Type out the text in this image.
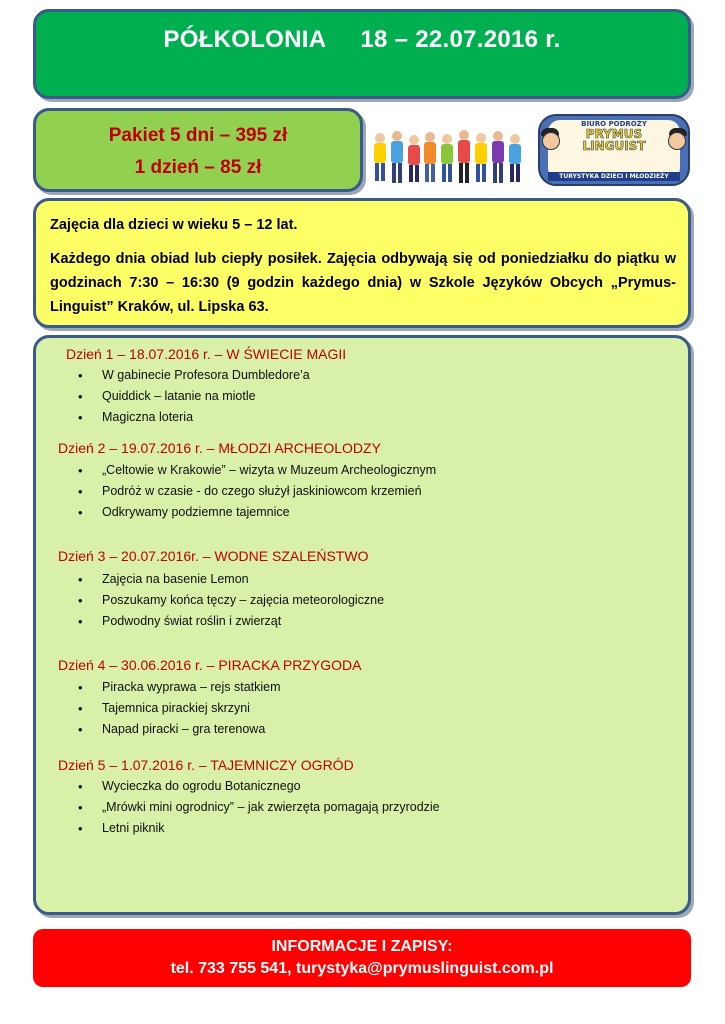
PÓŁKOLONIA     18 – 22.07.2016 r.
Pakiet 5 dni – 395 zł
1 dzień – 85 zł
BIURO PODRÓŻY
PRYMUS
LINGUIST
TURYSTYKA DZIECI I MŁODZIEŻY

Zajęcia dla dzieci w wieku 5 – 12 lat.

Każdego dnia obiad lub ciepły posiłek. Zajęcia odbywają się od poniedziałku do piątku w godzinach 7:30 – 16:30 (9 godzin każdego dnia) w Szkole Języków Obcych „Prymus-Linguist” Kraków, ul. Lipska 63.

Dzień 1 – 18.07.2016 r. – W ŚWIECIE MAGII
• W gabinecie Profesora Dumbledore’a
• Quiddick – latanie na miotle
• Magiczna loteria
Dzień 2 – 19.07.2016 r. – MŁODZI ARCHEOLODZY
• „Celtowie w Krakowie” – wizyta w Muzeum Archeologicznym
• Podróż w czasie - do czego służył jaskiniowcom krzemień
• Odkrywamy podziemne tajemnice
Dzień 3 – 20.07.2016r. – WODNE SZALEŃSTWO
• Zajęcia na basenie Lemon
• Poszukamy końca tęczy – zajęcia meteorologiczne
• Podwodny świat roślin i zwierząt
Dzień 4 – 30.06.2016 r. – PIRACKA PRZYGODA
• Piracka wyprawa – rejs statkiem
• Tajemnica pirackiej skrzyni
• Napad piracki – gra terenowa
Dzień 5 – 1.07.2016 r. – TAJEMNICZY OGRÓD
• Wycieczka do ogrodu Botanicznego
• „Mrówki mini ogrodnicy” – jak zwierzęta pomagają przyrodzie
• Letni piknik
INFORMACJE I ZAPISY:
tel. 733 755 541, turystyka@prymuslinguist.com.pl
